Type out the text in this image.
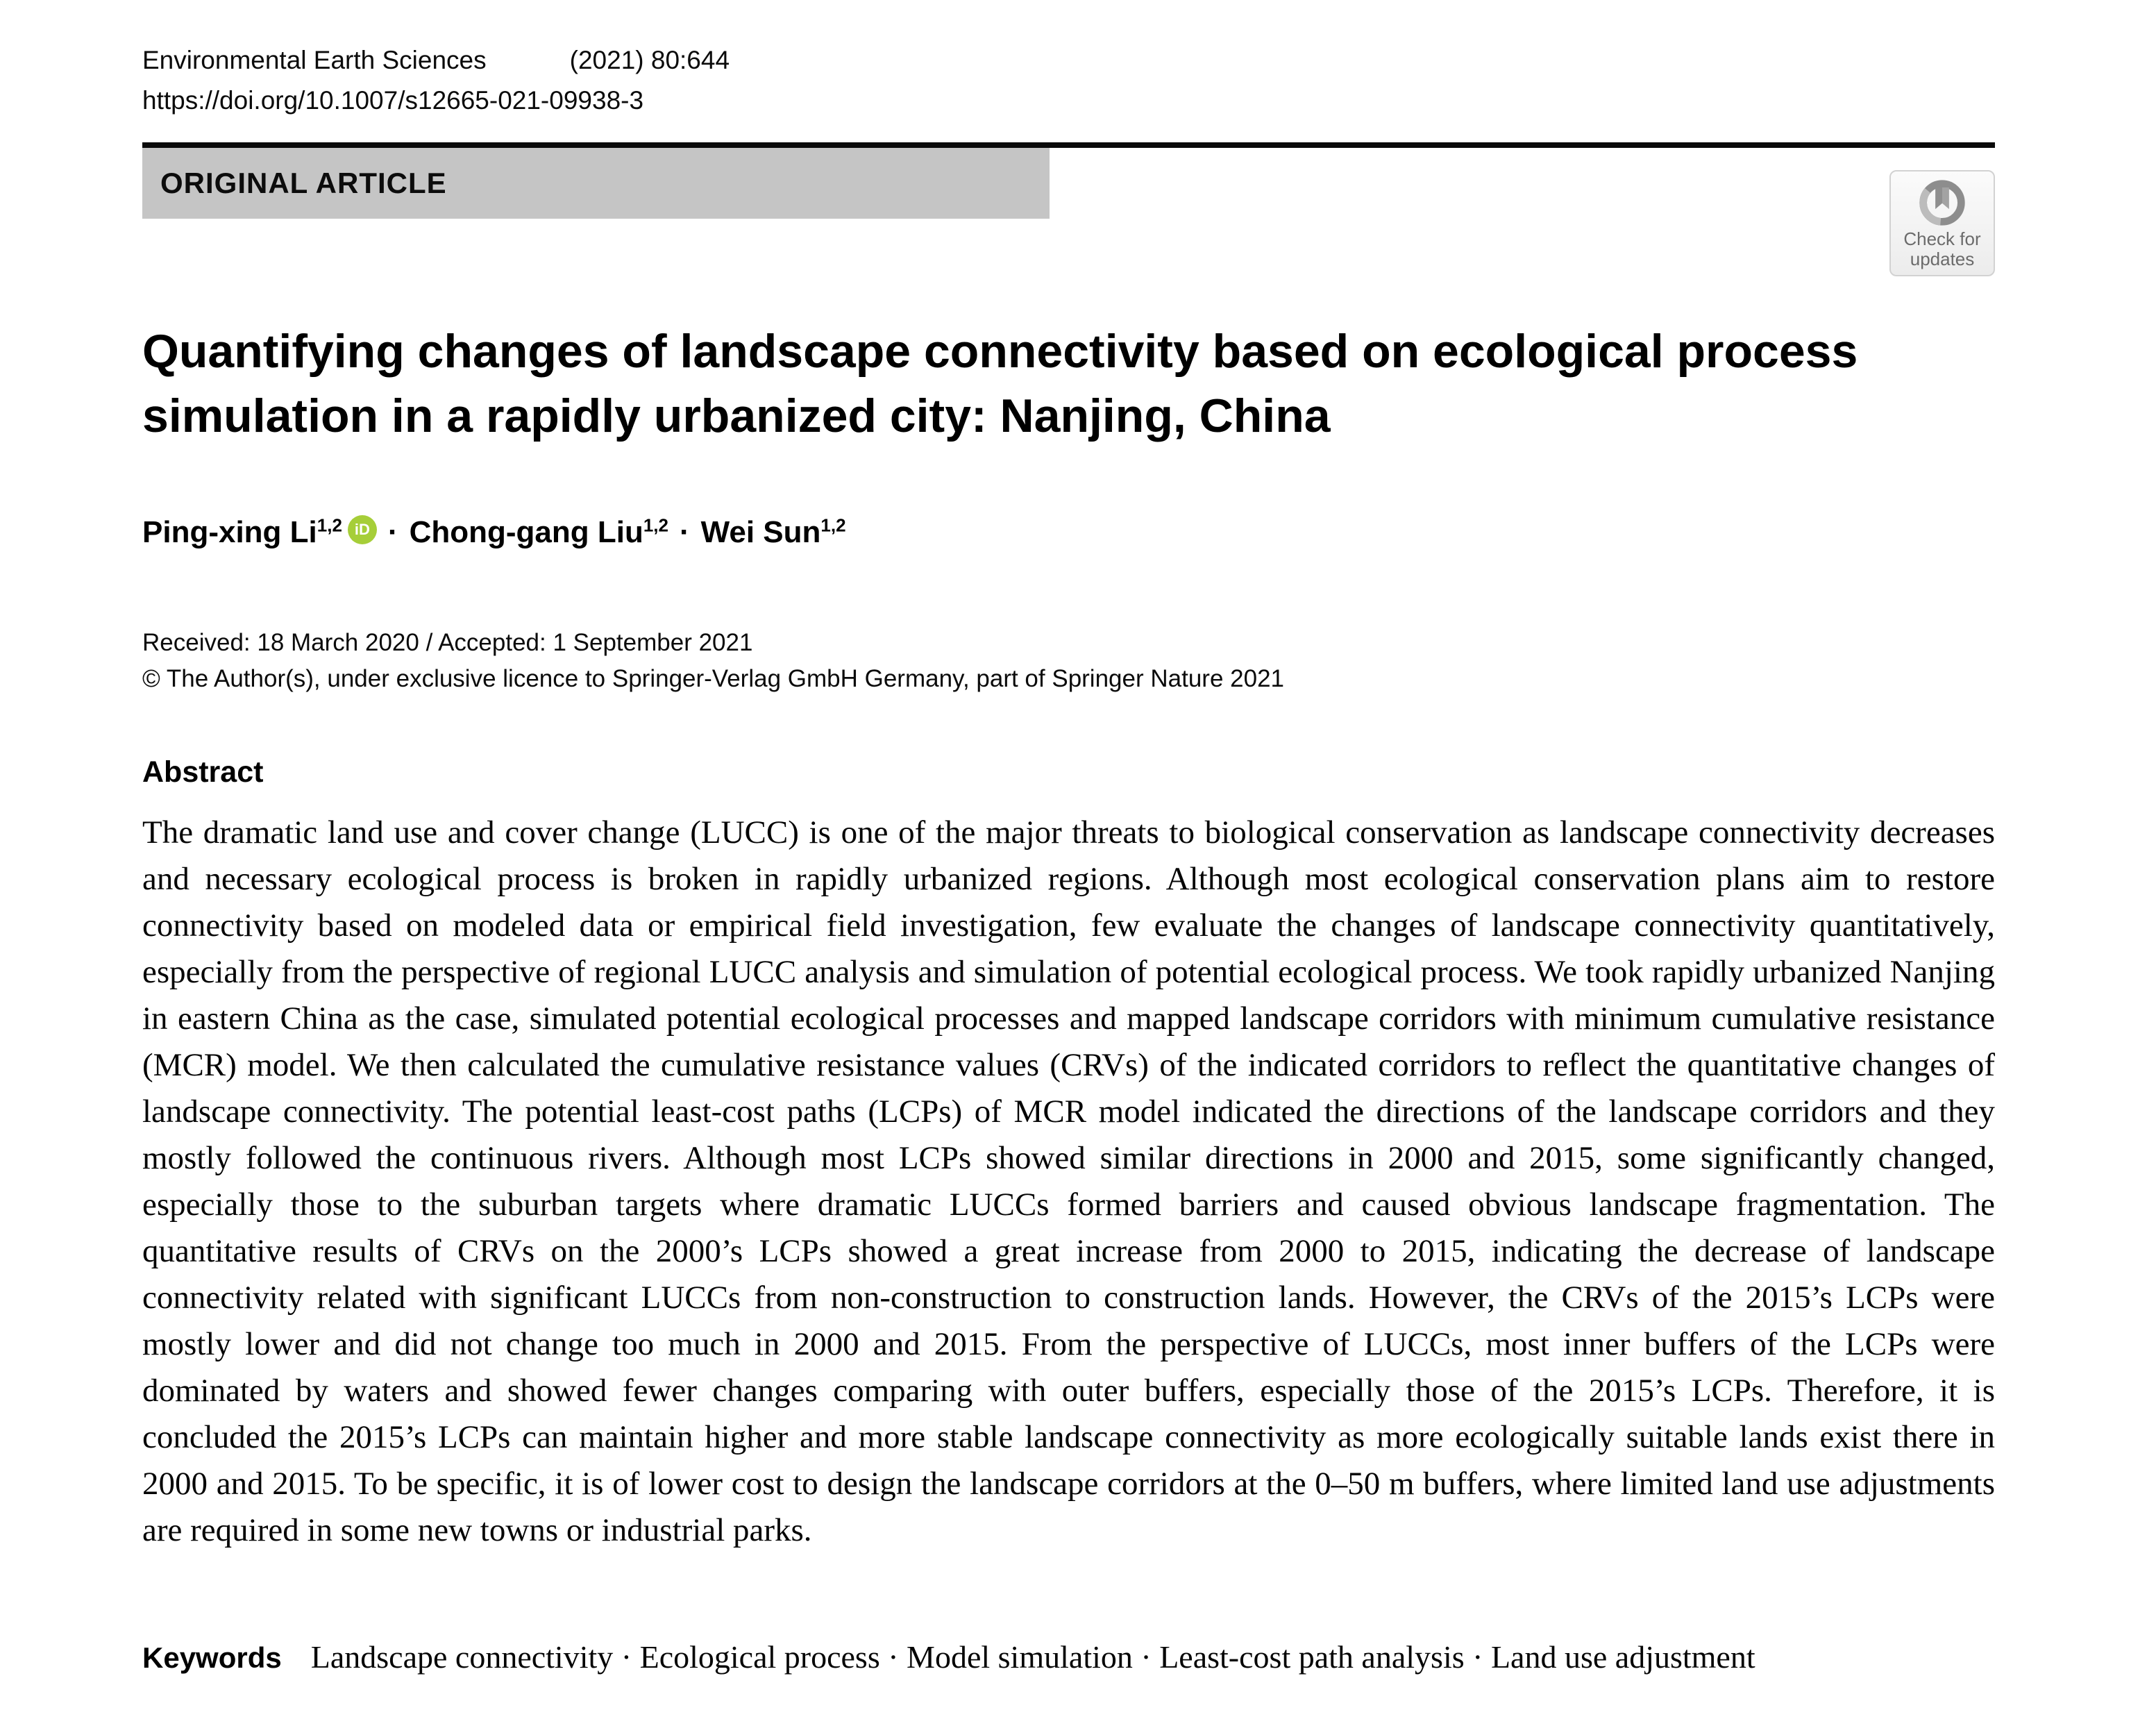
Environmental Earth Sciences	(2021) 80:644
https://doi.org/10.1007/s12665-021-09938-3
ORIGINAL ARTICLE
Check for
updates
Quantifying changes of landscape connectivity based on ecological process simulation in a rapidly urbanized city: Nanjing, China
Ping-xing Li$^{1,2}$ iD · Chong-gang Liu$^{1,2}$ · Wei Sun$^{1,2}$
Received: 18 March 2020 / Accepted: 1 September 2021
© The Author(s), under exclusive licence to Springer-Verlag GmbH Germany, part of Springer Nature 2021
Abstract
The dramatic land use and cover change (LUCC) is one of the major threats to biological conservation as landscape connectivity decreases and necessary ecological process is broken in rapidly urbanized regions. Although most ecological conservation plans aim to restore connectivity based on modeled data or empirical field investigation, few evaluate the changes of landscape connectivity quantitatively, especially from the perspective of regional LUCC analysis and simulation of potential ecological process. We took rapidly urbanized Nanjing in eastern China as the case, simulated potential ecological processes and mapped landscape corridors with minimum cumulative resistance (MCR) model. We then calculated the cumulative resistance values (CRVs) of the indicated corridors to reflect the quantitative changes of landscape connectivity. The potential least-cost paths (LCPs) of MCR model indicated the directions of the landscape corridors and they mostly followed the continuous rivers. Although most LCPs showed similar directions in 2000 and 2015, some significantly changed, especially those to the suburban targets where dramatic LUCCs formed barriers and caused obvious landscape fragmentation. The quantitative results of CRVs on the 2000’s LCPs showed a great increase from 2000 to 2015, indicating the decrease of landscape connectivity related with significant LUCCs from non-construction to construction lands. However, the CRVs of the 2015’s LCPs were mostly lower and did not change too much in 2000 and 2015. From the perspective of LUCCs, most inner buffers of the LCPs were dominated by waters and showed fewer changes comparing with outer buffers, especially those of the 2015’s LCPs. Therefore, it is concluded the 2015’s LCPs can maintain higher and more stable landscape connectivity as more ecologically suitable lands exist there in 2000 and 2015. To be specific, it is of lower cost to design the landscape corridors at the 0–50 m buffers, where limited land use adjustments are required in some new towns or industrial parks.
Keywords Landscape connectivity · Ecological process · Model simulation · Least-cost path analysis · Land use adjustment
